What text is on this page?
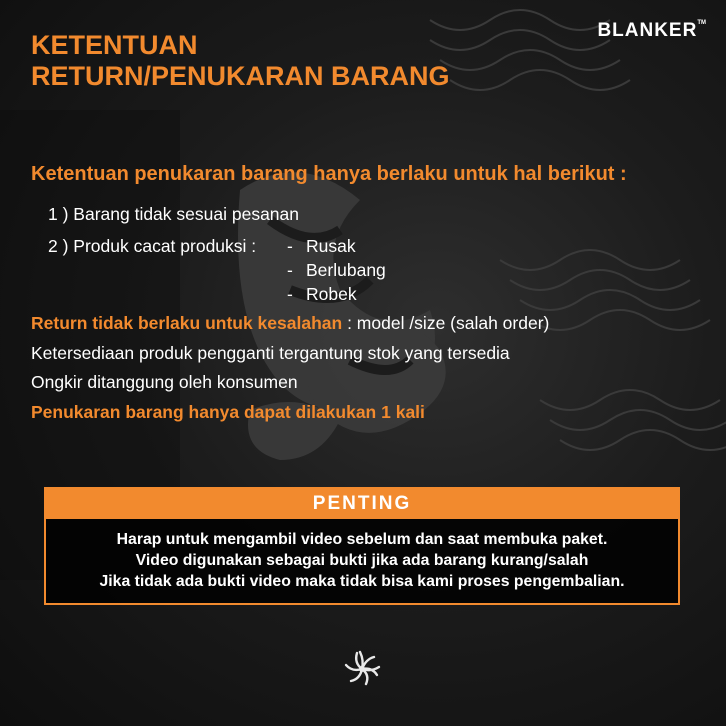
BLANKER™
KETENTUAN
RETURN/PENUKARAN BARANG
Ketentuan penukaran barang hanya berlaku untuk hal berikut :
1 ) Barang tidak sesuai pesanan
2 ) Produk cacat produksi : - Rusak
- Berlubang
- Robek
Return tidak berlaku untuk kesalahan : model /size (salah order)
Ketersediaan produk pengganti tergantung stok yang tersedia
Ongkir ditanggung oleh konsumen
Penukaran barang hanya dapat dilakukan 1 kali
PENTING
Harap untuk mengambil video sebelum dan saat membuka paket.
Video digunakan sebagai bukti jika ada barang kurang/salah
Jika tidak ada bukti video maka tidak bisa kami proses pengembalian.
